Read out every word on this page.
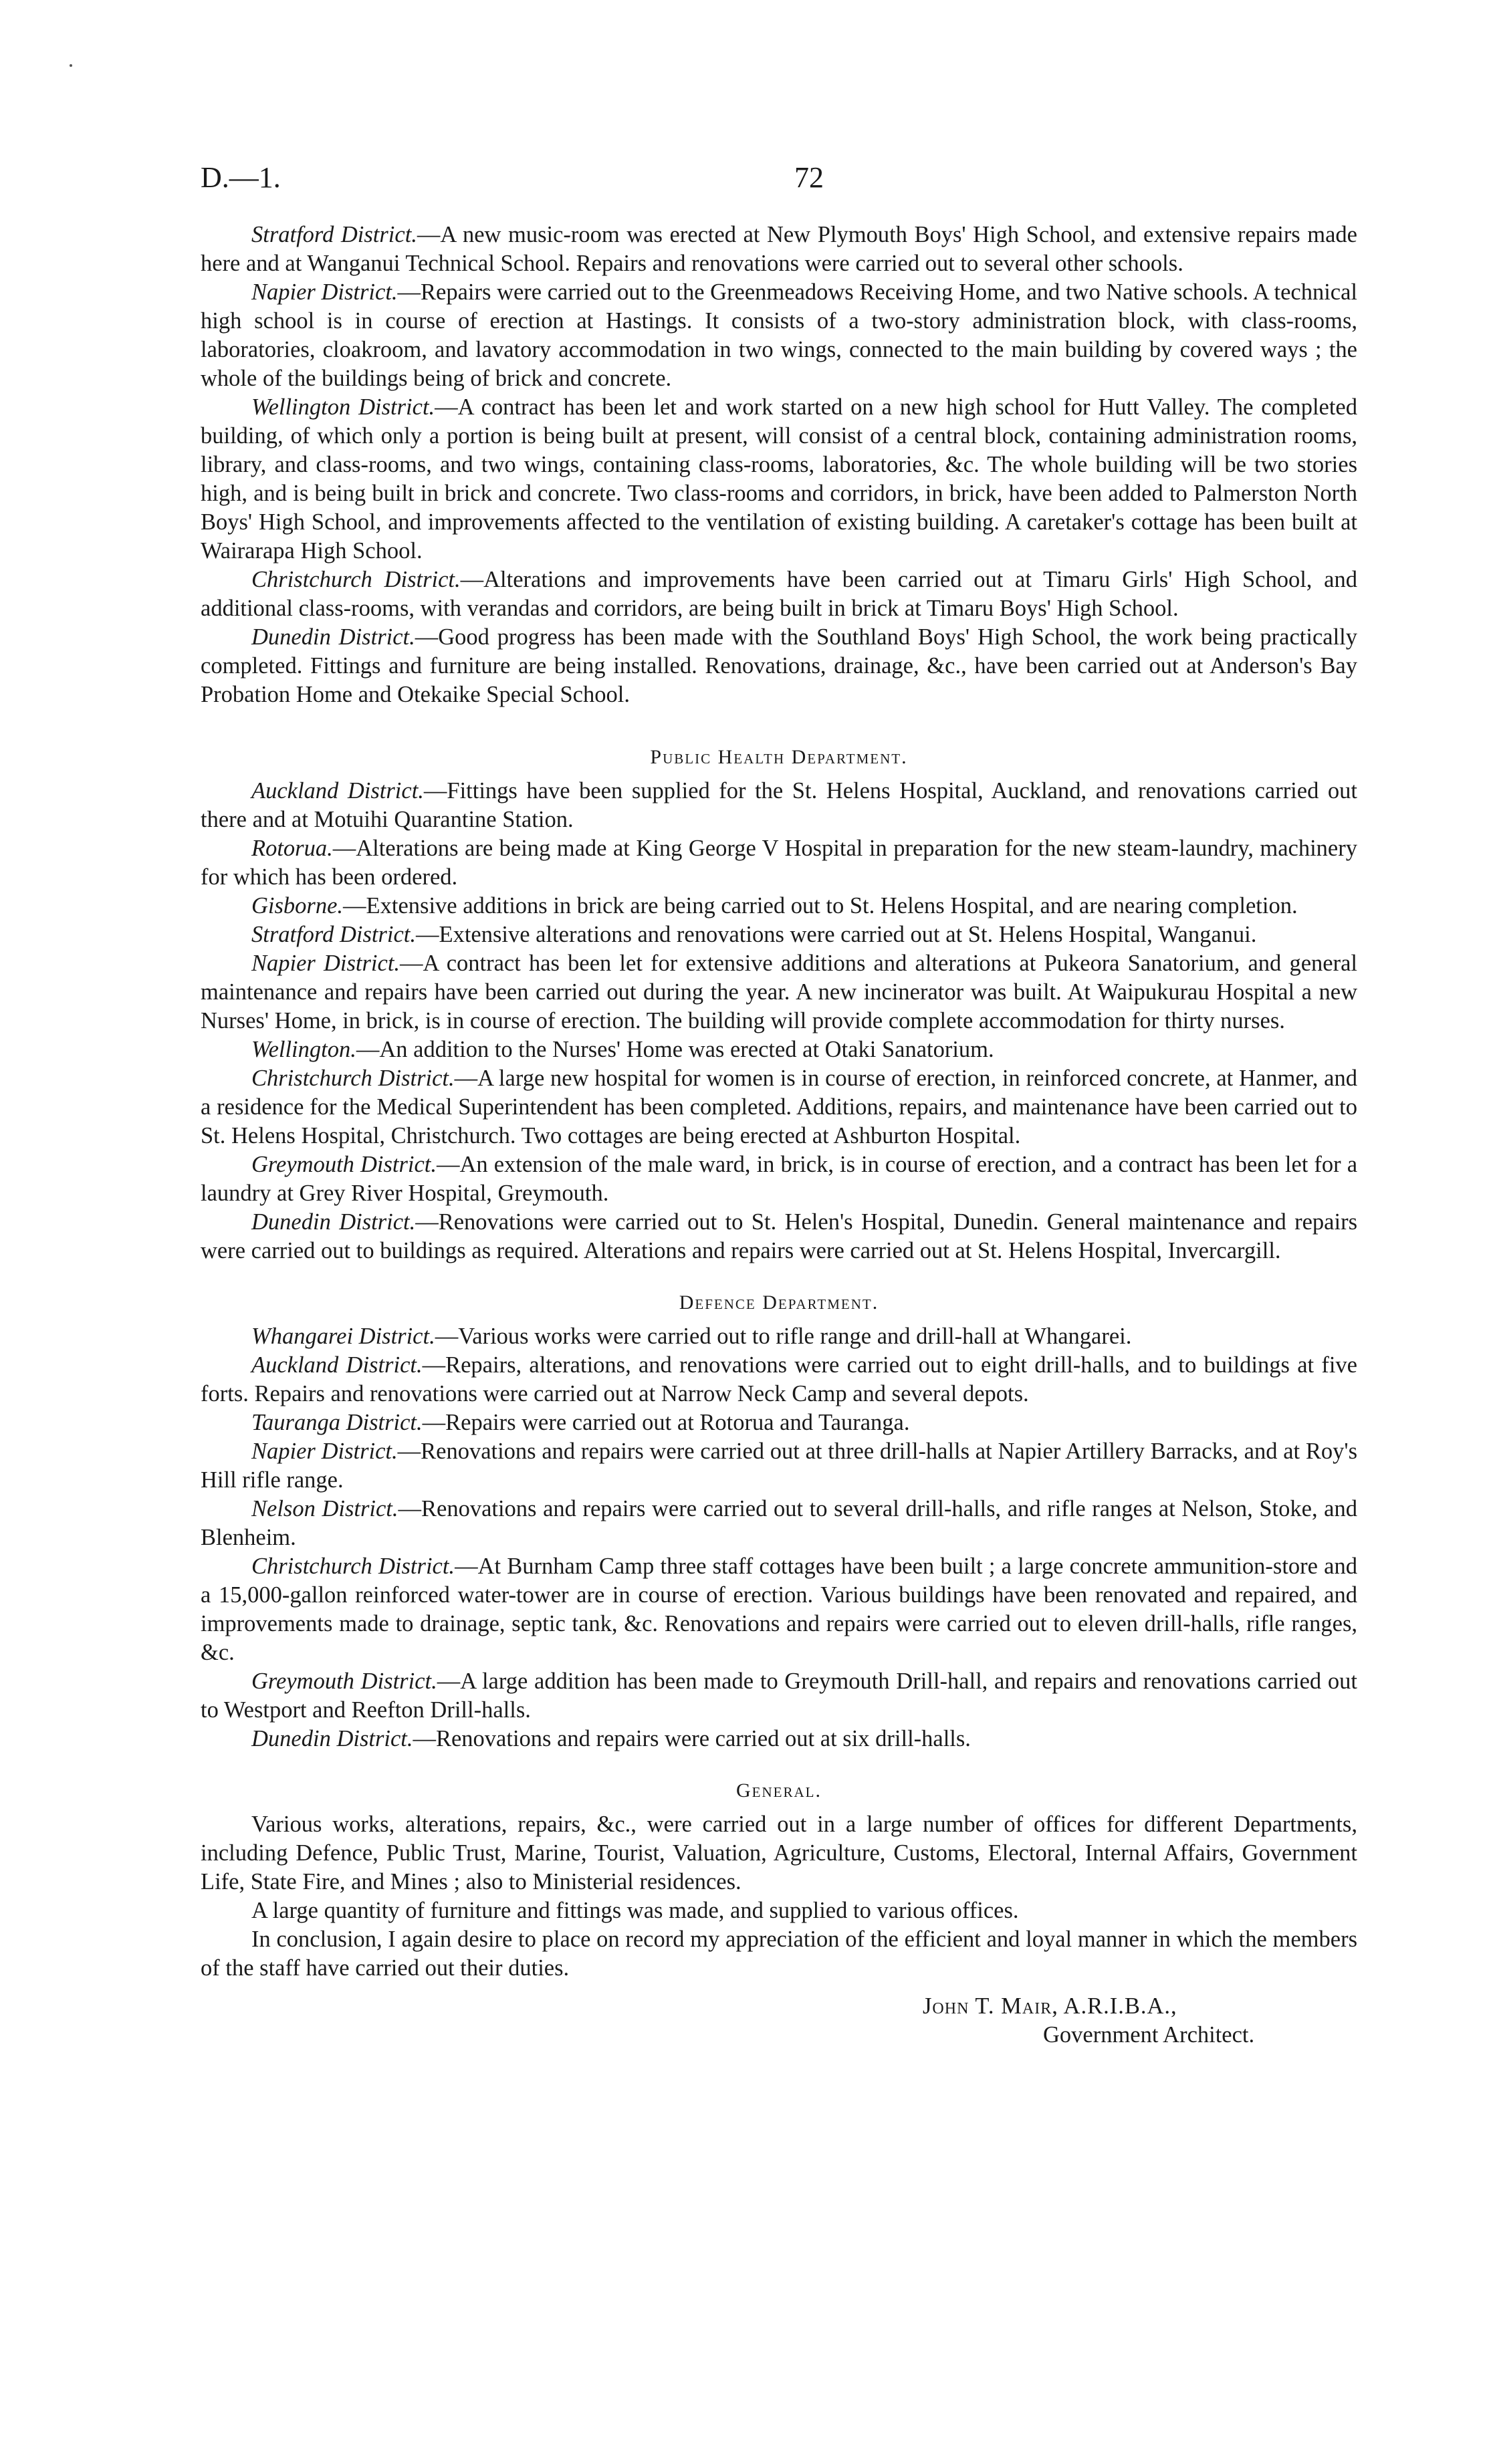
D.—1.	72

Stratford District.—A new music-room was erected at New Plymouth Boys' High School, and extensive repairs made here and at Wanganui Technical School. Repairs and renovations were carried out to several other schools.

Napier District.—Repairs were carried out to the Greenmeadows Receiving Home, and two Native schools. A technical high school is in course of erection at Hastings. It consists of a two-story administration block, with class-rooms, laboratories, cloakroom, and lavatory accommodation in two wings, connected to the main building by covered ways ; the whole of the buildings being of brick and concrete.

Wellington District.—A contract has been let and work started on a new high school for Hutt Valley. The completed building, of which only a portion is being built at present, will consist of a central block, containing administration rooms, library, and class-rooms, and two wings, containing class-rooms, laboratories, &c. The whole building will be two stories high, and is being built in brick and concrete. Two class-rooms and corridors, in brick, have been added to Palmerston North Boys' High School, and improvements affected to the ventilation of existing building. A caretaker's cottage has been built at Wairarapa High School.

Christchurch District.—Alterations and improvements have been carried out at Timaru Girls' High School, and additional class-rooms, with verandas and corridors, are being built in brick at Timaru Boys' High School.

Dunedin District.—Good progress has been made with the Southland Boys' High School, the work being practically completed. Fittings and furniture are being installed. Renovations, drainage, &c., have been carried out at Anderson's Bay Probation Home and Otekaike Special School.

Public Health Department.

Auckland District.—Fittings have been supplied for the St. Helens Hospital, Auckland, and renovations carried out there and at Motuihi Quarantine Station.

Rotorua.—Alterations are being made at King George V Hospital in preparation for the new steam-laundry, machinery for which has been ordered.

Gisborne.—Extensive additions in brick are being carried out to St. Helens Hospital, and are nearing completion.

Stratford District.—Extensive alterations and renovations were carried out at St. Helens Hospital, Wanganui.

Napier District.—A contract has been let for extensive additions and alterations at Pukeora Sanatorium, and general maintenance and repairs have been carried out during the year. A new incinerator was built. At Waipukurau Hospital a new Nurses' Home, in brick, is in course of erection. The building will provide complete accommodation for thirty nurses.

Wellington.—An addition to the Nurses' Home was erected at Otaki Sanatorium.

Christchurch District.—A large new hospital for women is in course of erection, in reinforced concrete, at Hanmer, and a residence for the Medical Superintendent has been completed. Additions, repairs, and maintenance have been carried out to St. Helens Hospital, Christchurch. Two cottages are being erected at Ashburton Hospital.

Greymouth District.—An extension of the male ward, in brick, is in course of erection, and a contract has been let for a laundry at Grey River Hospital, Greymouth.

Dunedin District.—Renovations were carried out to St. Helen's Hospital, Dunedin. General maintenance and repairs were carried out to buildings as required. Alterations and repairs were carried out at St. Helens Hospital, Invercargill.

Defence Department.

Whangarei District.—Various works were carried out to rifle range and drill-hall at Whangarei.

Auckland District.—Repairs, alterations, and renovations were carried out to eight drill-halls, and to buildings at five forts. Repairs and renovations were carried out at Narrow Neck Camp and several depots.

Tauranga District.—Repairs were carried out at Rotorua and Tauranga.

Napier District.—Renovations and repairs were carried out at three drill-halls at Napier Artillery Barracks, and at Roy's Hill rifle range.

Nelson District.—Renovations and repairs were carried out to several drill-halls, and rifle ranges at Nelson, Stoke, and Blenheim.

Christchurch District.—At Burnham Camp three staff cottages have been built ; a large concrete ammunition-store and a 15,000-gallon reinforced water-tower are in course of erection. Various buildings have been renovated and repaired, and improvements made to drainage, septic tank, &c. Renovations and repairs were carried out to eleven drill-halls, rifle ranges, &c.

Greymouth District.—A large addition has been made to Greymouth Drill-hall, and repairs and renovations carried out to Westport and Reefton Drill-halls.

Dunedin District.—Renovations and repairs were carried out at six drill-halls.

General.

Various works, alterations, repairs, &c., were carried out in a large number of offices for different Departments, including Defence, Public Trust, Marine, Tourist, Valuation, Agriculture, Customs, Electoral, Internal Affairs, Government Life, State Fire, and Mines ; also to Ministerial residences.

A large quantity of furniture and fittings was made, and supplied to various offices.

In conclusion, I again desire to place on record my appreciation of the efficient and loyal manner in which the members of the staff have carried out their duties.

John T. Mair, A.R.I.B.A.,
Government Architect.
